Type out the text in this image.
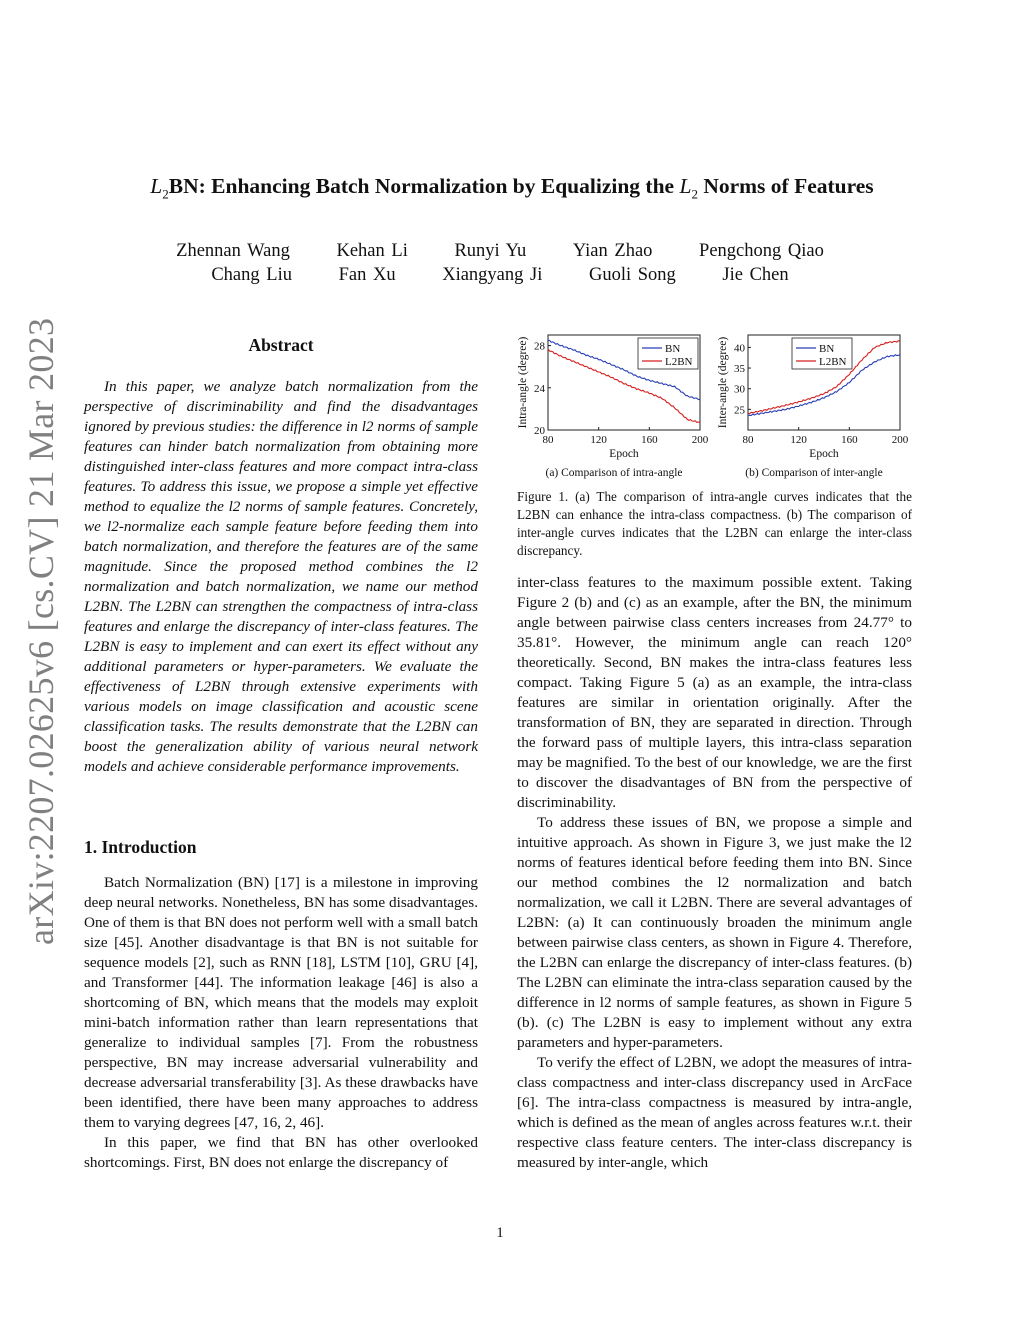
arXiv:2207.02625v6 [cs.CV] 21 Mar 2023
$L_2BN$: Enhancing Batch Normalization by Equalizing the $L_2$ Norms of Features
Zhennan Wang	Kehan Li	Runyi Yu	Yian Zhao	Pengchong Qiao
Chang Liu	Fan Xu	Xiangyang Ji	Guoli Song	Jie Chen
Abstract

In this paper, we analyze batch normalization from the perspective of discriminability and find the disadvantages ignored by previous studies: the difference in l2 norms of sample features can hinder batch normalization from obtaining more distinguished inter-class features and more compact intra-class features. To address this issue, we propose a simple yet effective method to equalize the l2 norms of sample features. Concretely, we l2-normalize each sample feature before feeding them into batch normalization, and therefore the features are of the same magnitude. Since the proposed method combines the l2 normalization and batch normalization, we name our method L2BN. The L2BN can strengthen the compactness of intra-class features and enlarge the discrepancy of inter-class features. The L2BN is easy to implement and can exert its effect without any additional parameters or hyper-parameters. We evaluate the effectiveness of L2BN through extensive experiments with various models on image classification and acoustic scene classification tasks. The results demonstrate that the L2BN can boost the generalization ability of various neural network models and achieve considerable performance improvements.

1. Introduction

Batch Normalization (BN) [17] is a milestone in improving deep neural networks. Nonetheless, BN has some disadvantages. One of them is that BN does not perform well with a small batch size [45]. Another disadvantage is that BN is not suitable for sequence models [2], such as RNN [18], LSTM [10], GRU [4], and Transformer [44]. The information leakage [46] is also a shortcoming of BN, which means that the models may exploit mini-batch information rather than learn representations that generalize to individual samples [7]. From the robustness perspective, BN may increase adversarial vulnerability and decrease adversarial transferability [3]. As these drawbacks have been identified, there have been many approaches to address them to varying degrees [47, 16, 2, 46].

In this paper, we find that BN has other overlooked shortcomings. First, BN does not enlarge the discrepancy of

80	120	160	200
20
24
28
Epoch
Intra-angle (degree)
(a) Comparison of intra-angle
BN
L2BN
80	120	160	200
25
30
35
40
Epoch
Inter-angle (degree)
(b) Comparison of inter-angle
BN
L2BN
Figure 1. (a) The comparison of intra-angle curves indicates that the L2BN can enhance the intra-class compactness. (b) The comparison of inter-angle curves indicates that the L2BN can enlarge the inter-class discrepancy.

inter-class features to the maximum possible extent. Taking Figure 2 (b) and (c) as an example, after the BN, the minimum angle between pairwise class centers increases from 24.77° to 35.81°. However, the minimum angle can reach 120° theoretically. Second, BN makes the intra-class features less compact. Taking Figure 5 (a) as an example, the intra-class features are similar in orientation originally. After the transformation of BN, they are separated in direction. Through the forward pass of multiple layers, this intra-class separation may be magnified. To the best of our knowledge, we are the first to discover the disadvantages of BN from the perspective of discriminability.

To address these issues of BN, we propose a simple and intuitive approach. As shown in Figure 3, we just make the l2 norms of features identical before feeding them into BN. Since our method combines the l2 normalization and batch normalization, we call it L2BN. There are several advantages of L2BN: (a) It can continuously broaden the minimum angle between pairwise class centers, as shown in Figure 4. Therefore, the L2BN can enlarge the discrepancy of inter-class features. (b) The L2BN can eliminate the intra-class separation caused by the difference in l2 norms of sample features, as shown in Figure 5 (b). (c) The L2BN is easy to implement without any extra parameters and hyper-parameters.

To verify the effect of L2BN, we adopt the measures of intra-class compactness and inter-class discrepancy used in ArcFace [6]. The intra-class compactness is measured by intra-angle, which is defined as the mean of angles across features w.r.t. their respective class feature centers. The inter-class discrepancy is measured by inter-angle, which

1
